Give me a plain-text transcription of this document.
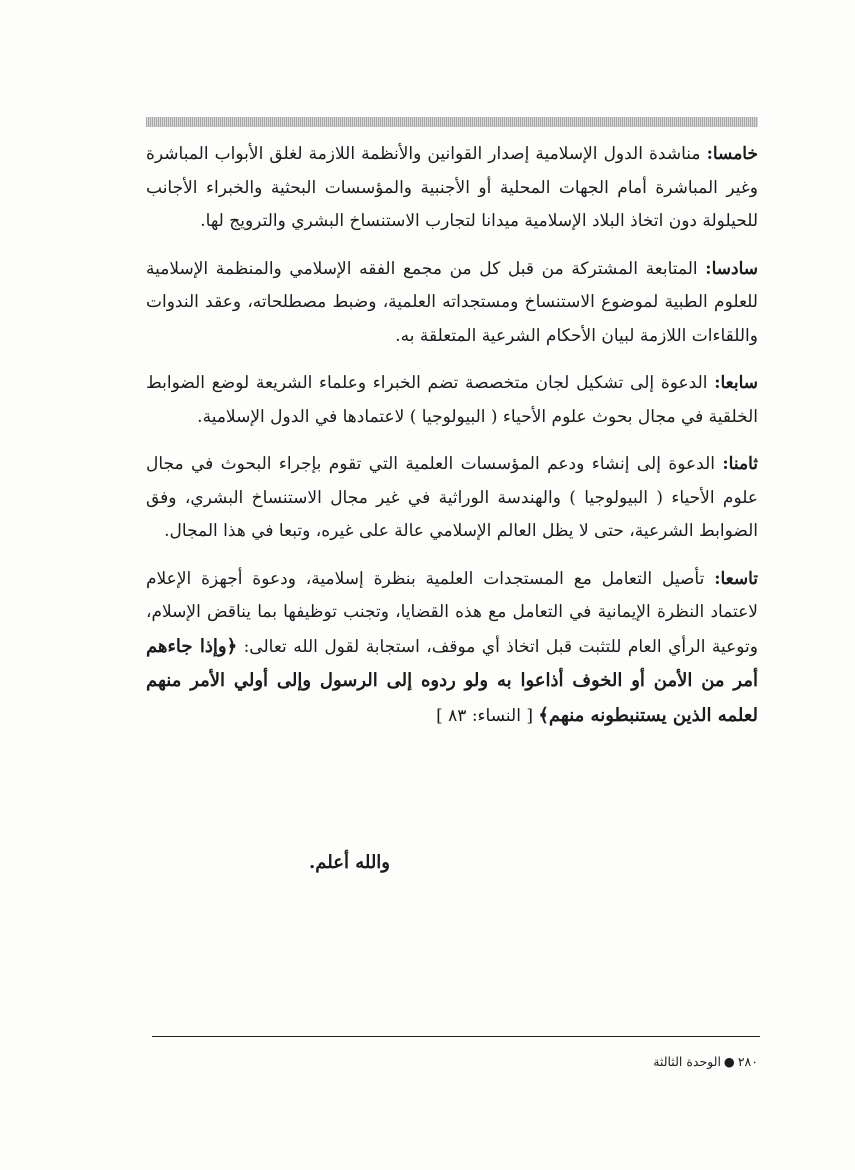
خامسا: مناشدة الدول الإسلامية إصدار القوانين والأنظمة اللازمة لغلق الأبواب المباشرة وغير المباشرة أمام الجهات المحلية أو الأجنبية والمؤسسات البحثية والخبراء الأجانب للحيلولة دون اتخاذ البلاد الإسلامية ميدانا لتجارب الاستنساخ البشري والترويج لها.

سادسا: المتابعة المشتركة من قبل كل من مجمع الفقه الإسلامي والمنظمة الإسلامية للعلوم الطبية لموضوع الاستنساخ ومستجداته العلمية، وضبط مصطلحاته، وعقد الندوات واللقاءات اللازمة لبيان الأحكام الشرعية المتعلقة به.

سابعا: الدعوة إلى تشكيل لجان متخصصة تضم الخبراء وعلماء الشريعة لوضع الضوابط الخلقية في مجال بحوث علوم الأحياء ( البيولوجيا ) لاعتمادها في الدول الإسلامية.

ثامنا: الدعوة إلى إنشاء ودعم المؤسسات العلمية التي تقوم بإجراء البحوث في مجال علوم الأحياء ( البيولوجيا ) والهندسة الوراثية في غير مجال الاستنساخ البشري، وفق الضوابط الشرعية، حتى لا يظل العالم الإسلامي عالة على غيره، وتبعا في هذا المجال.

تاسعا: تأصيل التعامل مع المستجدات العلمية بنظرة إسلامية، ودعوة أجهزة الإعلام لاعتماد النظرة الإيمانية في التعامل مع هذه القضايا، وتجنب توظيفها بما يناقض الإسلام، وتوعية الرأي العام للتثبت قبل اتخاذ أي موقف، استجابة لقول الله تعالى: ﴿وإذا جاءهم أمر من الأمن أو الخوف أذاعوا به ولو ردوه إلى الرسول وإلى أولي الأمر منهم لعلمه الذين يستنبطونه منهم﴾ [ النساء: ٨٣ ]

والله أعلم.
٢٨٠●الوحدة الثالثة
